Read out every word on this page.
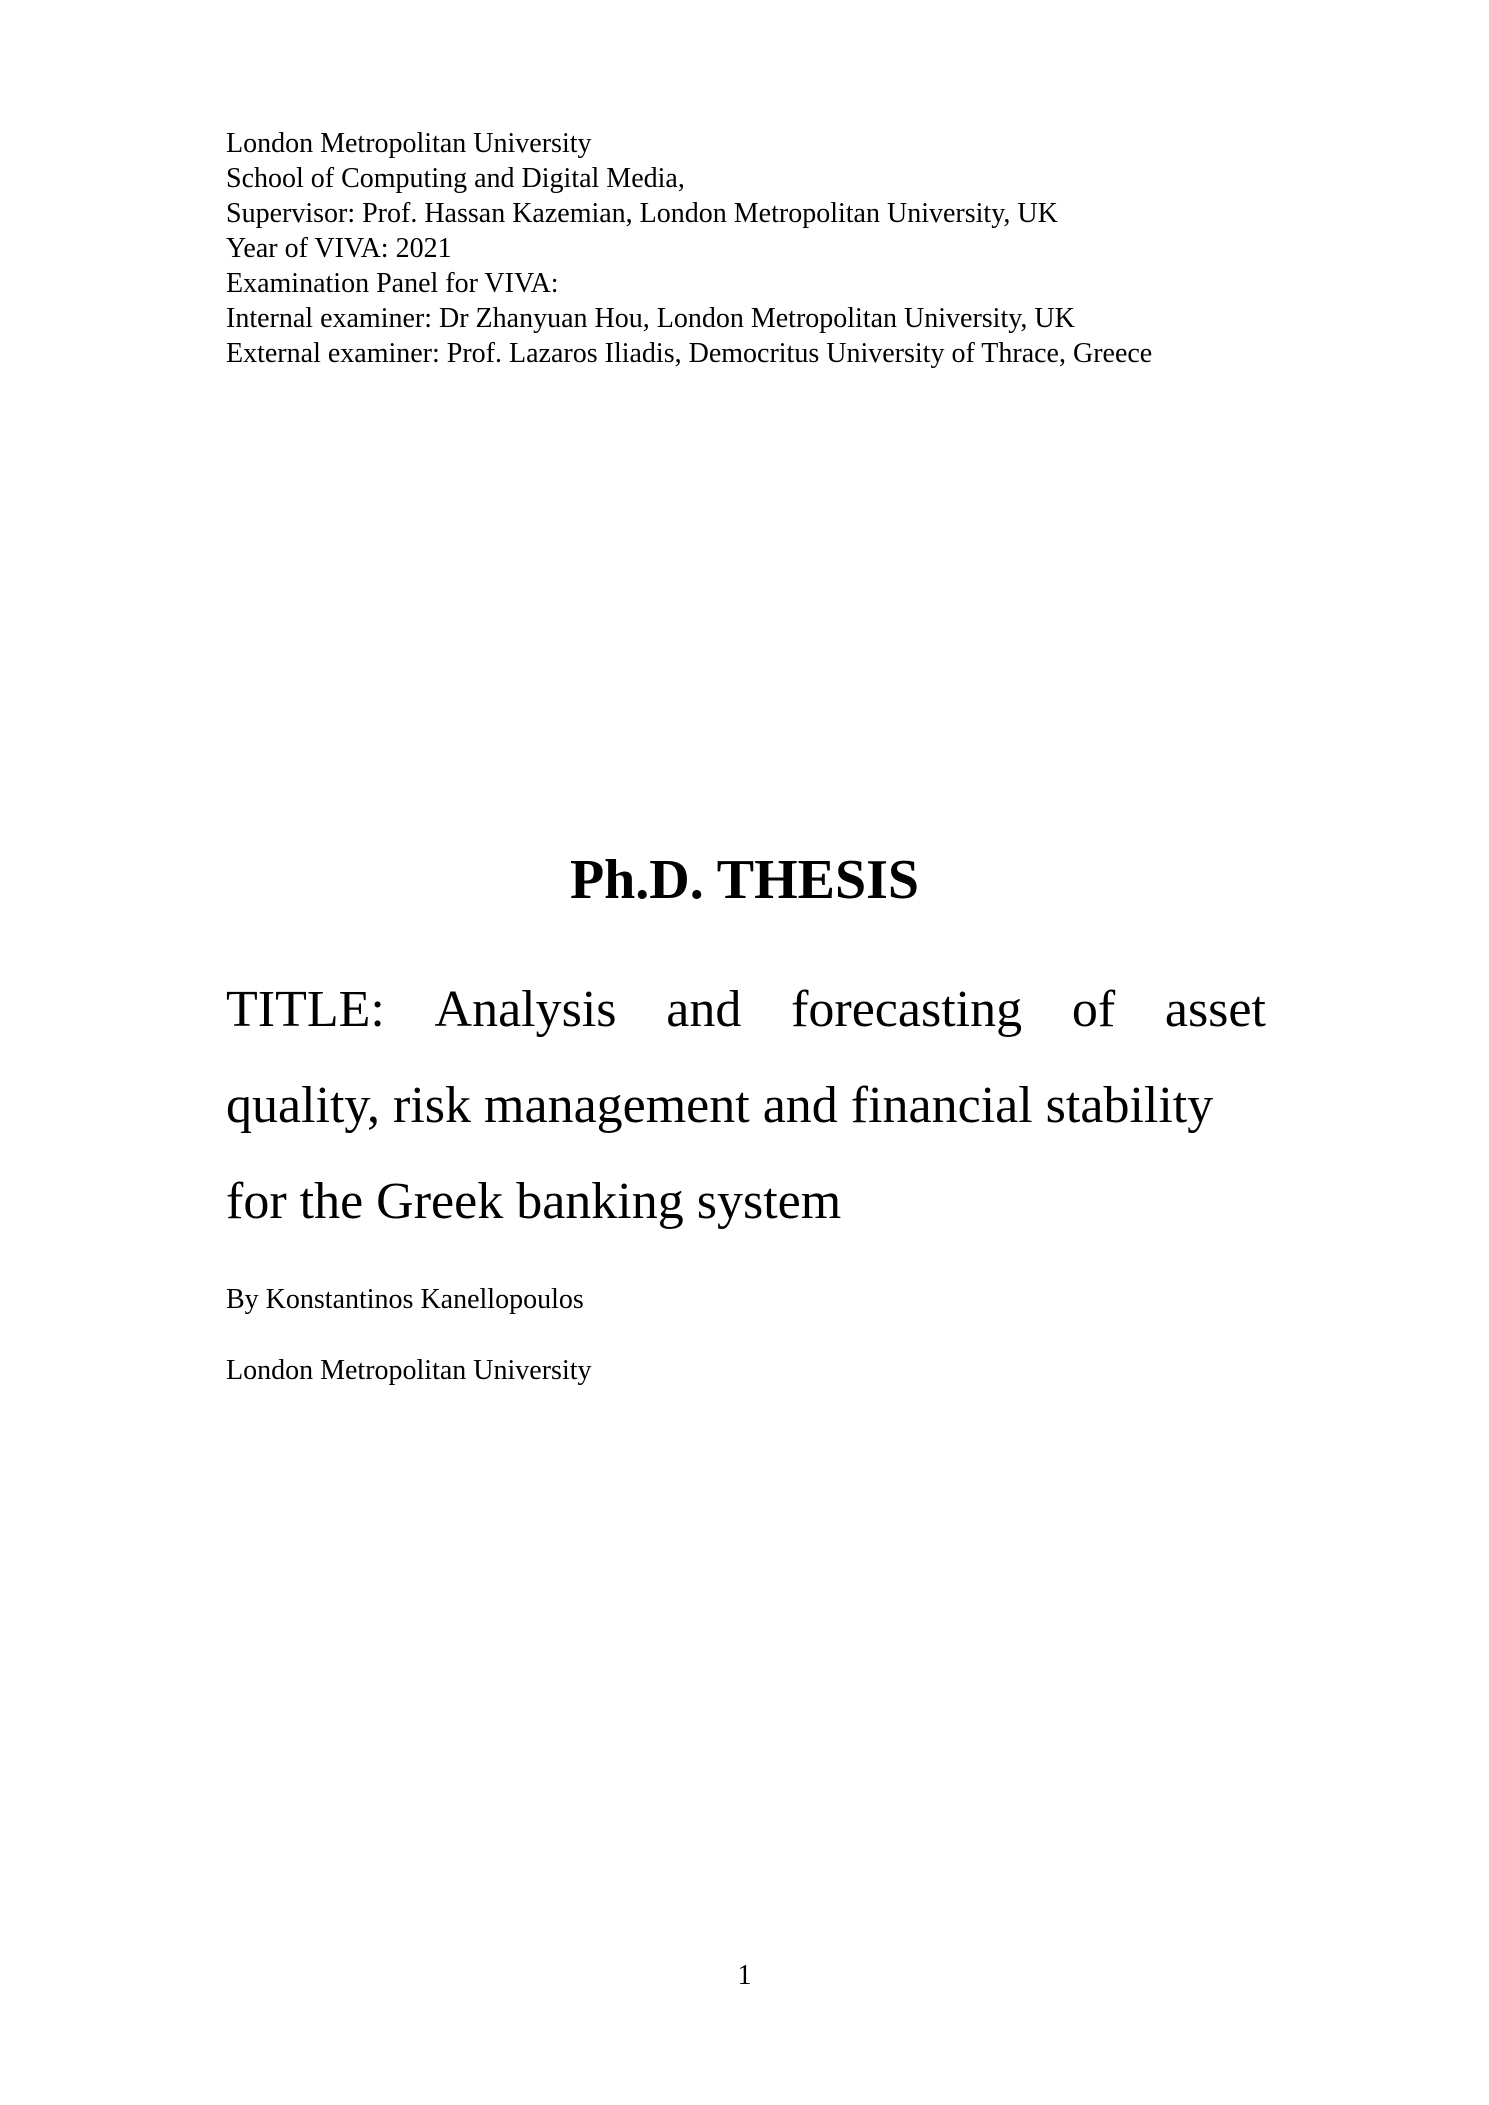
London Metropolitan University
School of Computing and Digital Media,
Supervisor: Prof. Hassan Kazemian, London Metropolitan University, UK
Year of VIVA: 2021
Examination Panel for VIVA:
Internal examiner: Dr Zhanyuan Hou, London Metropolitan University, UK
External examiner: Prof. Lazaros Iliadis, Democritus University of Thrace, Greece
Ph.D. THESIS
TITLE: Analysis and forecasting of asset
quality, risk management and financial stability
for the Greek banking system
By Konstantinos Kanellopoulos
London Metropolitan University
1
